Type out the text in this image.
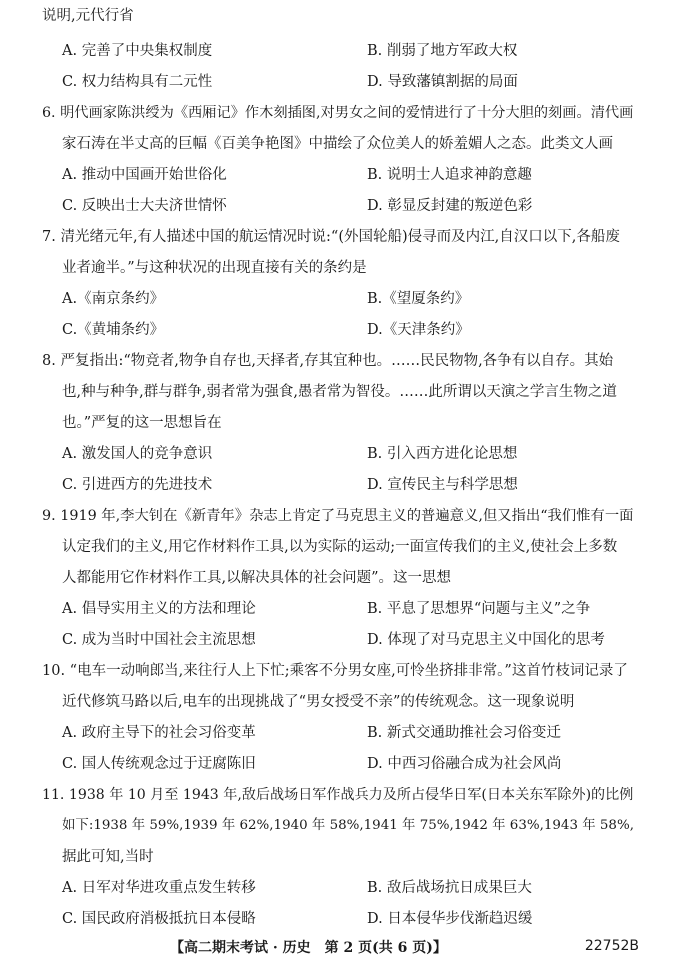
说明,元代行省
A. 完善了中央集权制度	B. 削弱了地方军政大权
C. 权力结构具有二元性	D. 导致藩镇割据的局面
6. 明代画家陈洪绶为《西厢记》作木刻插图,对男女之间的爱情进行了十分大胆的刻画。清代画
家石涛在半丈高的巨幅《百美争艳图》中描绘了众位美人的娇羞媚人之态。此类文人画
A. 推动中国画开始世俗化	B. 说明士人追求神韵意趣
C. 反映出士大夫济世情怀	D. 彰显反封建的叛逆色彩
7. 清光绪元年,有人描述中国的航运情况时说:“(外国轮船)侵寻而及内江,自汉口以下,各船废
业者逾半。”与这种状况的出现直接有关的条约是
A.《南京条约》	B.《望厦条约》
C.《黄埔条约》	D.《天津条约》
8. 严复指出:“物竞者,物争自存也,天择者,存其宜种也。……民民物物,各争有以自存。其始
也,种与种争,群与群争,弱者常为强食,愚者常为智役。……此所谓以天演之学言生物之道
也。”严复的这一思想旨在
A. 激发国人的竞争意识	B. 引入西方进化论思想
C. 引进西方的先进技术	D. 宣传民主与科学思想
9. 1919 年,李大钊在《新青年》杂志上肯定了马克思主义的普遍意义,但又指出“我们惟有一面
认定我们的主义,用它作材料作工具,以为实际的运动;一面宣传我们的主义,使社会上多数
人都能用它作材料作工具,以解决具体的社会问题”。这一思想
A. 倡导实用主义的方法和理论	B. 平息了思想界“问题与主义”之争
C. 成为当时中国社会主流思想	D. 体现了对马克思主义中国化的思考
10. “电车一动响郎当,来往行人上下忙;乘客不分男女座,可怜坐挤排非常。”这首竹枝词记录了
近代修筑马路以后,电车的出现挑战了“男女授受不亲”的传统观念。这一现象说明
A. 政府主导下的社会习俗变革	B. 新式交通助推社会习俗变迁
C. 国人传统观念过于迂腐陈旧	D. 中西习俗融合成为社会风尚
11. 1938 年 10 月至 1943 年,敌后战场日军作战兵力及所占侵华日军(日本关东军除外)的比例
如下:1938 年 59%,1939 年 62%,1940 年 58%,1941 年 75%,1942 年 63%,1943 年 58%,
据此可知,当时
A. 日军对华进攻重点发生转移	B. 敌后战场抗日成果巨大
C. 国民政府消极抵抗日本侵略	D. 日本侵华步伐渐趋迟缓
【高二期末考试 · 历史　第 2 页(共 6 页)】	22752B
